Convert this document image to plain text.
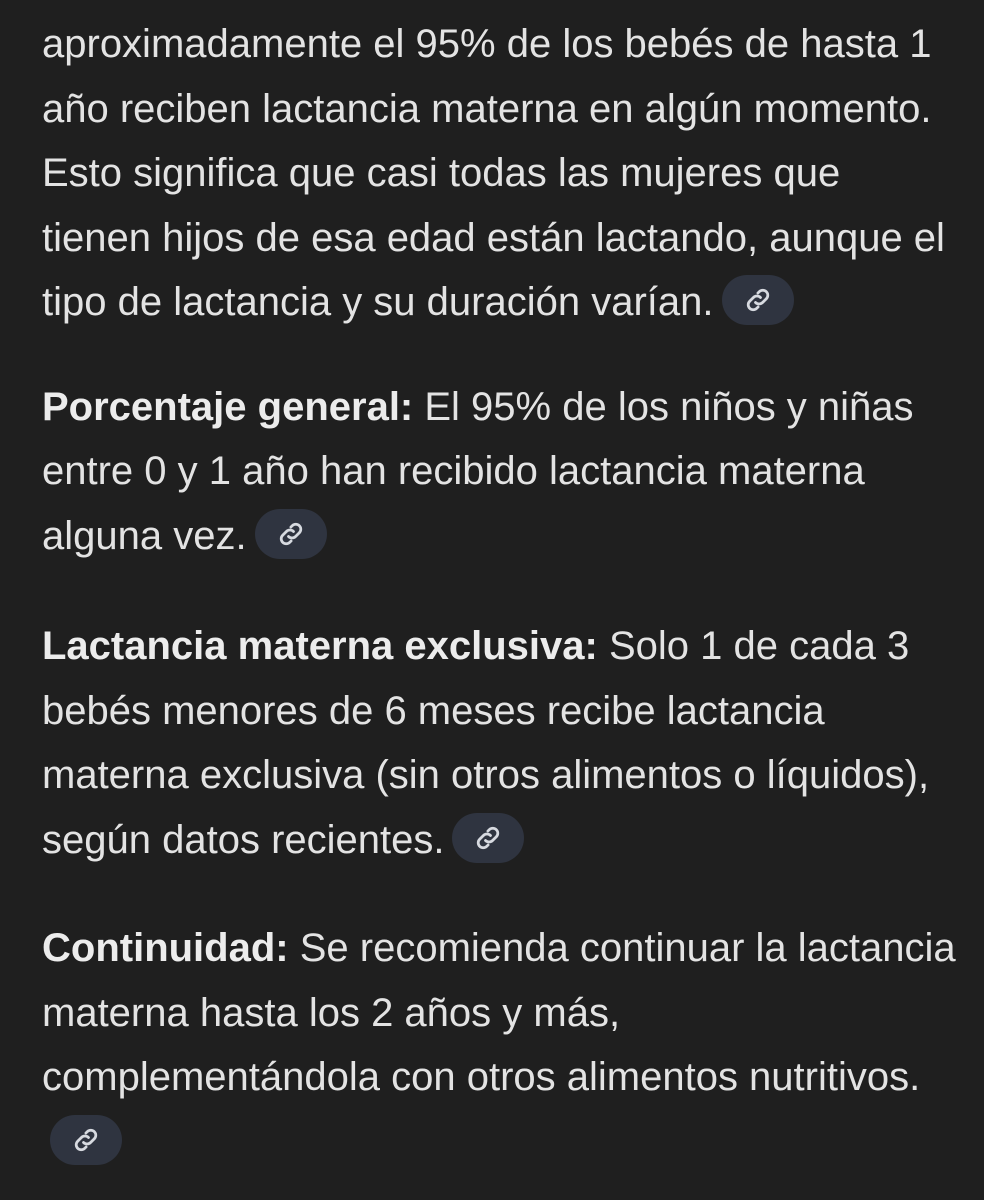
aproximadamente el 95% de los bebés de hasta 1 año reciben lactancia materna en algún momento. Esto significa que casi todas las mujeres que tienen hijos de esa edad están lactando, aunque el tipo de lactancia y su duración varían.

Porcentaje general: El 95% de los niños y niñas entre 0 y 1 año han recibido lactancia materna alguna vez.

Lactancia materna exclusiva: Solo 1 de cada 3 bebés menores de 6 meses recibe lactancia materna exclusiva (sin otros alimentos o líquidos), según datos recientes.

Continuidad: Se recomienda continuar la lactancia materna hasta los 2 años y más, complementándola con otros alimentos nutritivos.
